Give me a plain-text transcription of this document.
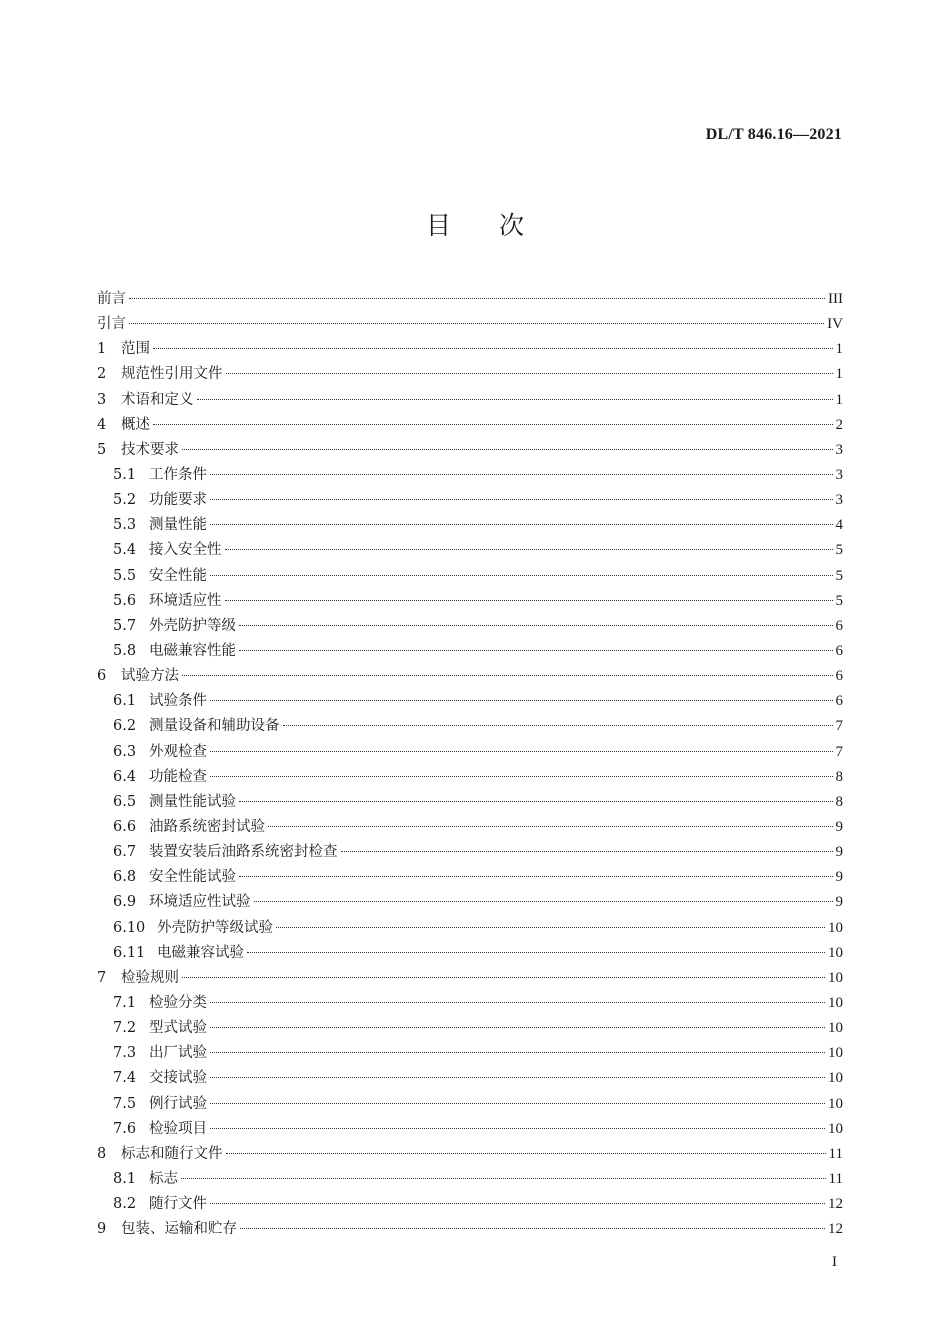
DL/T 846.16—2021
目次
前言	III
引言	IV
1	范围	1
2	规范性引用文件	1
3	术语和定义	1
4	概述	2
5	技术要求	3
5.1 工作条件	3
5.2 功能要求	3
5.3 测量性能	4
5.4 接入安全性	5
5.5 安全性能	5
5.6 环境适应性	5
5.7 外壳防护等级	6
5.8 电磁兼容性能	6
6	试验方法	6
6.1 试验条件	6
6.2 测量设备和辅助设备	7
6.3 外观检查	7
6.4 功能检查	8
6.5 测量性能试验	8
6.6 油路系统密封试验	9
6.7 装置安装后油路系统密封检查	9
6.8 安全性能试验	9
6.9 环境适应性试验	9
6.10 外壳防护等级试验	10
6.11 电磁兼容试验	10
7	检验规则	10
7.1 检验分类	10
7.2 型式试验	10
7.3 出厂试验	10
7.4 交接试验	10
7.5 例行试验	10
7.6 检验项目	10
8	标志和随行文件	11
8.1 标志	11
8.2 随行文件	12
9	包装、运输和贮存	12
I
